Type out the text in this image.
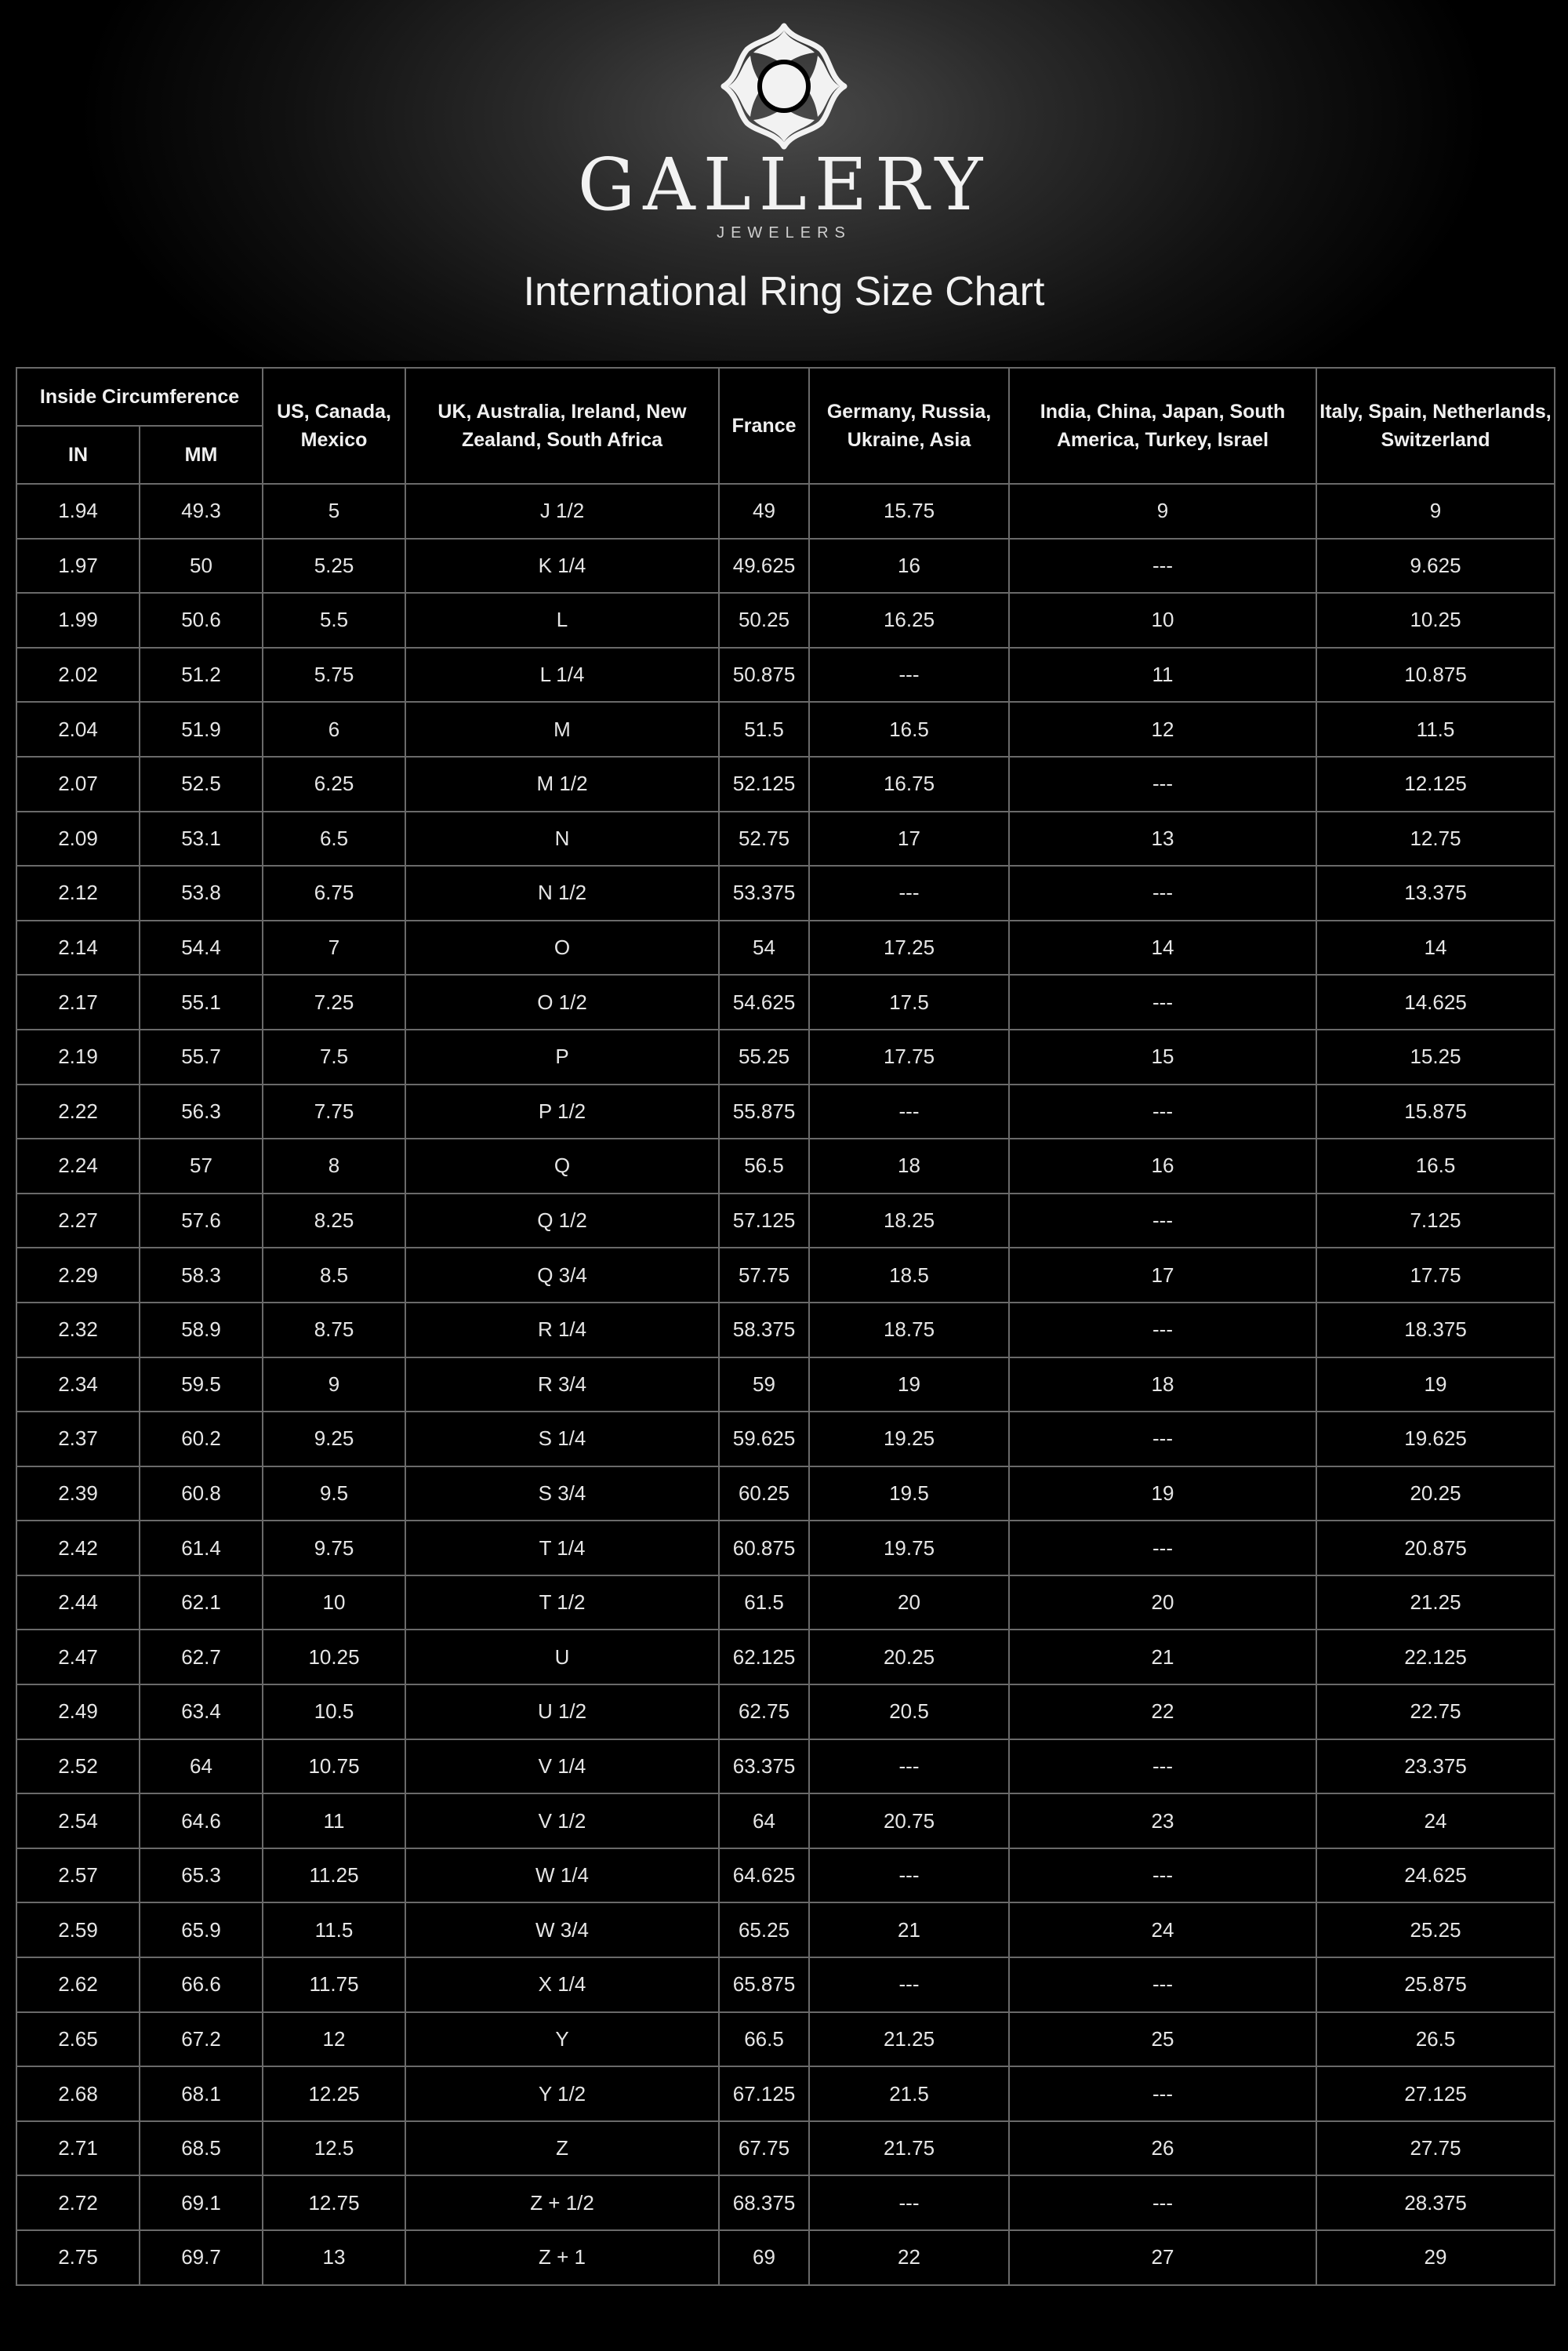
GALLERY
JEWELERS
International Ring Size Chart
Inside Circumference		US, Canada, Mexico	UK, Australia, Ireland, New Zealand, South Africa	France	Germany, Russia, Ukraine, Asia	India, China, Japan, South America, Turkey, Israel	Italy, Spain, Netherlands, Switzerland
IN	MM						
1.94	49.3	5	J 1/2	49	15.75	9	9
1.97	50	5.25	K 1/4	49.625	16	---	9.625
1.99	50.6	5.5	L	50.25	16.25	10	10.25
2.02	51.2	5.75	L 1/4	50.875	---	11	10.875
2.04	51.9	6	M	51.5	16.5	12	11.5
2.07	52.5	6.25	M 1/2	52.125	16.75	---	12.125
2.09	53.1	6.5	N	52.75	17	13	12.75
2.12	53.8	6.75	N 1/2	53.375	---	---	13.375
2.14	54.4	7	O	54	17.25	14	14
2.17	55.1	7.25	O 1/2	54.625	17.5	---	14.625
2.19	55.7	7.5	P	55.25	17.75	15	15.25
2.22	56.3	7.75	P 1/2	55.875	---	---	15.875
2.24	57	8	Q	56.5	18	16	16.5
2.27	57.6	8.25	Q 1/2	57.125	18.25	---	7.125
2.29	58.3	8.5	Q 3/4	57.75	18.5	17	17.75
2.32	58.9	8.75	R 1/4	58.375	18.75	---	18.375
2.34	59.5	9	R 3/4	59	19	18	19
2.37	60.2	9.25	S 1/4	59.625	19.25	---	19.625
2.39	60.8	9.5	S 3/4	60.25	19.5	19	20.25
2.42	61.4	9.75	T 1/4	60.875	19.75	---	20.875
2.44	62.1	10	T 1/2	61.5	20	20	21.25
2.47	62.7	10.25	U	62.125	20.25	21	22.125
2.49	63.4	10.5	U 1/2	62.75	20.5	22	22.75
2.52	64	10.75	V 1/4	63.375	---	---	23.375
2.54	64.6	11	V 1/2	64	20.75	23	24
2.57	65.3	11.25	W 1/4	64.625	---	---	24.625
2.59	65.9	11.5	W 3/4	65.25	21	24	25.25
2.62	66.6	11.75	X 1/4	65.875	---	---	25.875
2.65	67.2	12	Y	66.5	21.25	25	26.5
2.68	68.1	12.25	Y 1/2	67.125	21.5	---	27.125
2.71	68.5	12.5	Z	67.75	21.75	26	27.75
2.72	69.1	12.75	Z + 1/2	68.375	---	---	28.375
2.75	69.7	13	Z + 1	69	22	27	29
